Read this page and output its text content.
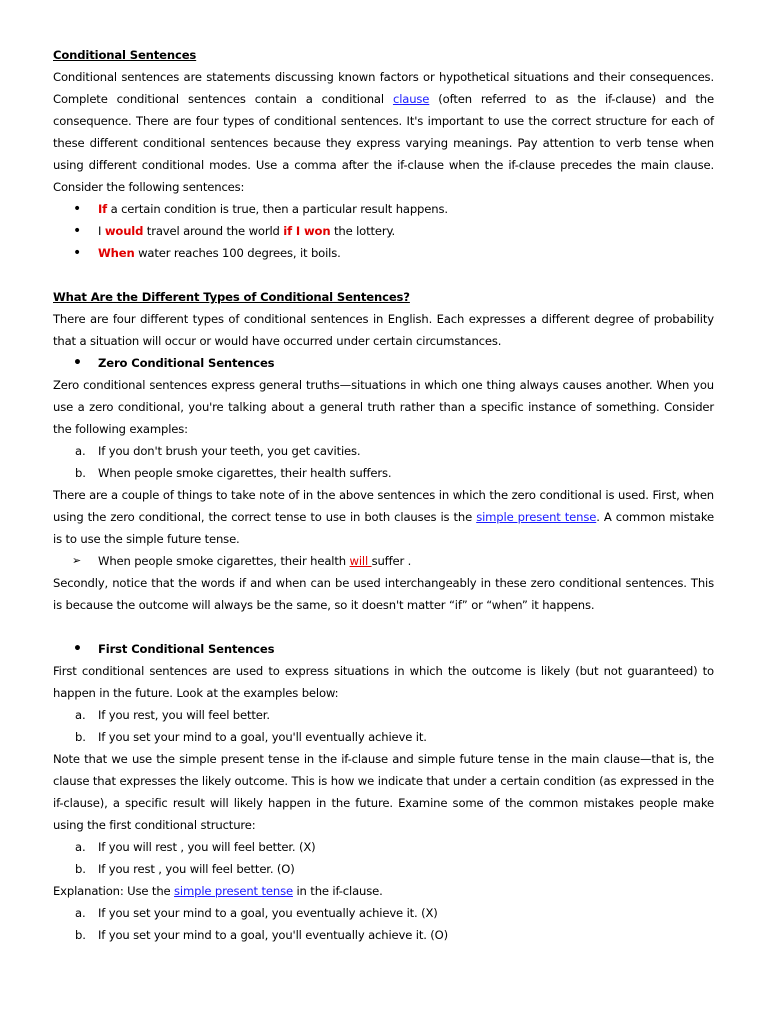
Conditional Sentences

Conditional sentences are statements discussing known factors or hypothetical situations and their consequences. Complete conditional sentences contain a conditional clause (often referred to as the if-clause) and the consequence. There are four types of conditional sentences. It's important to use the correct structure for each of these different conditional sentences because they express varying meanings. Pay attention to verb tense when using different conditional modes. Use a comma after the if-clause when the if-clause precedes the main clause. Consider the following sentences:

• If a certain condition is true, then a particular result happens.
• I would travel around the world if I won the lottery.
• When water reaches 100 degrees, it boils.

What Are the Different Types of Conditional Sentences?

There are four different types of conditional sentences in English. Each expresses a different degree of probability that a situation will occur or would have occurred under certain circumstances.

• Zero Conditional Sentences

Zero conditional sentences express general truths—situations in which one thing always causes another. When you use a zero conditional, you're talking about a general truth rather than a specific instance of something. Consider the following examples:

a. If you don't brush your teeth, you get cavities.
b. When people smoke cigarettes, their health suffers.

There are a couple of things to take note of in the above sentences in which the zero conditional is used. First, when using the zero conditional, the correct tense to use in both clauses is the simple present tense. A common mistake is to use the simple future tense.

➢ When people smoke cigarettes, their health will suffer .

Secondly, notice that the words if and when can be used interchangeably in these zero conditional sentences. This is because the outcome will always be the same, so it doesn't matter “if” or “when” it happens.

• First Conditional Sentences

First conditional sentences are used to express situations in which the outcome is likely (but not guaranteed) to happen in the future. Look at the examples below:

a. If you rest, you will feel better.
b. If you set your mind to a goal, you'll eventually achieve it.

Note that we use the simple present tense in the if-clause and simple future tense in the main clause—that is, the clause that expresses the likely outcome. This is how we indicate that under a certain condition (as expressed in the if-clause), a specific result will likely happen in the future. Examine some of the common mistakes people make using the first conditional structure:

a. If you will rest , you will feel better. (X)
b. If you rest , you will feel better. (O)

Explanation: Use the simple present tense in the if-clause.

a. If you set your mind to a goal, you eventually achieve it. (X)
b. If you set your mind to a goal, you'll eventually achieve it. (O)
